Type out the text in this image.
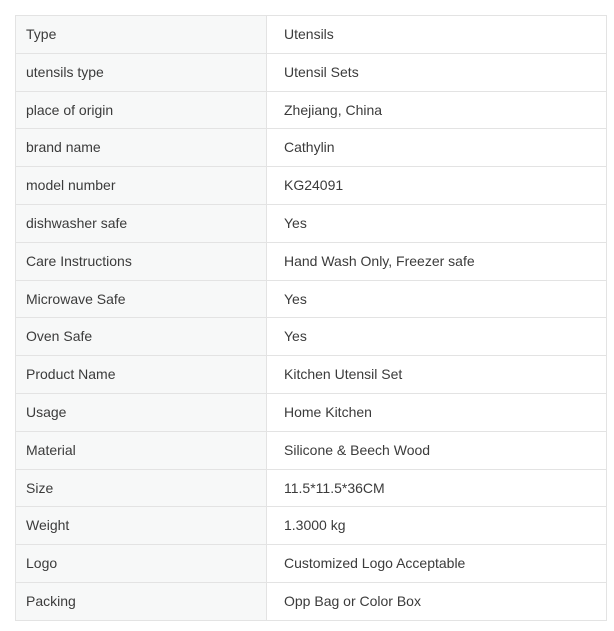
Type	Utensils
utensils type	Utensil Sets
place of origin	Zhejiang, China
brand name	Cathylin
model number	KG24091
dishwasher safe	Yes
Care Instructions	Hand Wash Only, Freezer safe
Microwave Safe	Yes
Oven Safe	Yes
Product Name	Kitchen Utensil Set
Usage	Home Kitchen
Material	Silicone & Beech Wood
Size	11.5*11.5*36CM
Weight	1.3000 kg
Logo	Customized Logo Acceptable
Packing	Opp Bag or Color Box
